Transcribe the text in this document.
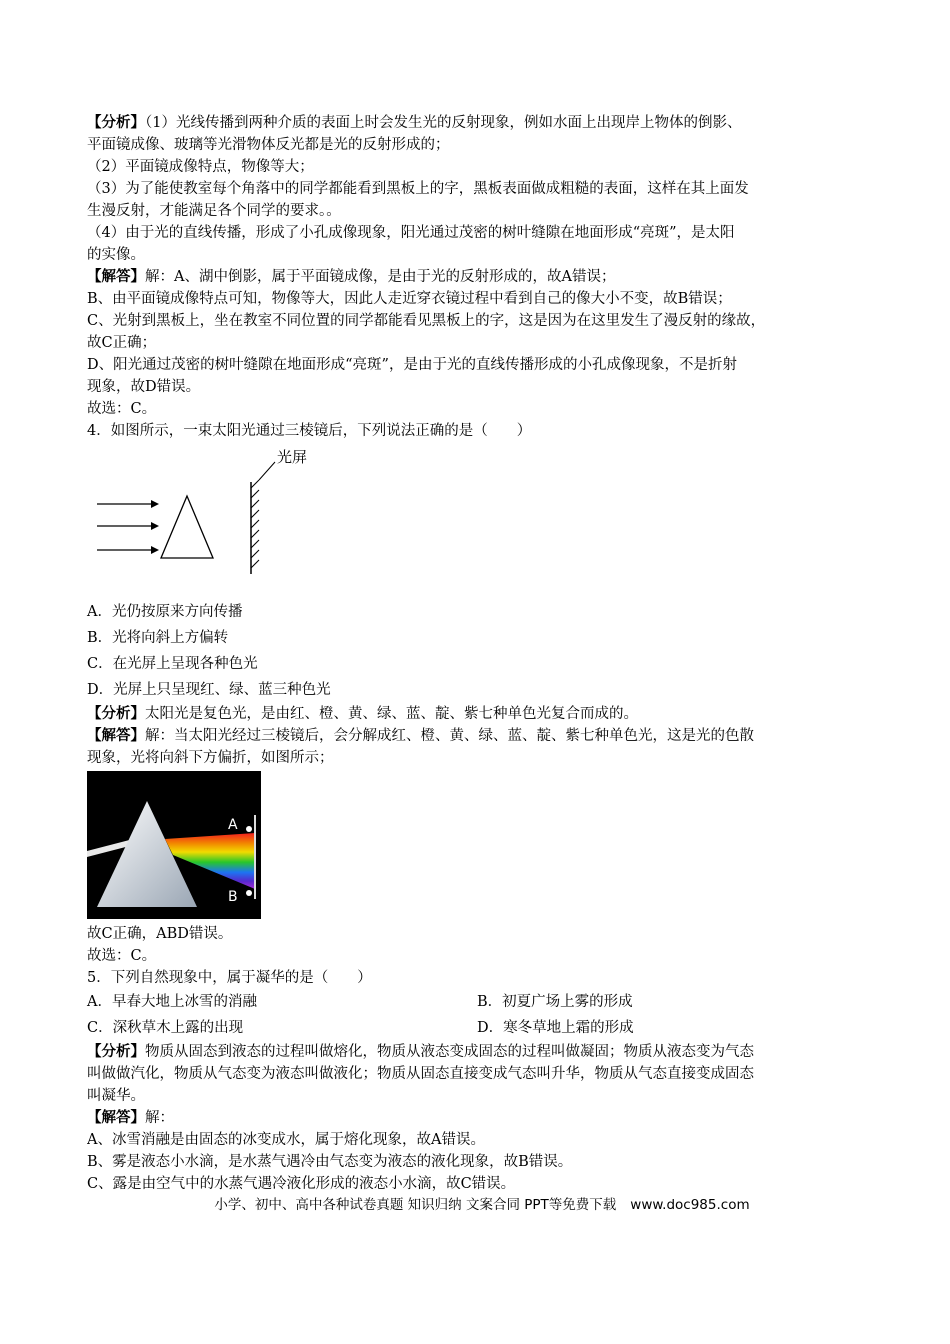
【分析】（1）光线传播到两种介质的表面上时会发生光的反射现象，例如水面上出现岸上物体的倒影、
平面镜成像、玻璃等光滑物体反光都是光的反射形成的；
（2）平面镜成像特点，物像等大；
（3）为了能使教室每个角落中的同学都能看到黑板上的字，黑板表面做成粗糙的表面，这样在其上面发
生漫反射，才能满足各个同学的要求。。
（4）由于光的直线传播，形成了小孔成像现象，阳光通过茂密的树叶缝隙在地面形成“亮斑”，是太阳
的实像。
【解答】解：A、湖中倒影，属于平面镜成像，是由于光的反射形成的，故A错误；
B、由平面镜成像特点可知，物像等大，因此人走近穿衣镜过程中看到自己的像大小不变，故B错误；
C、光射到黑板上，坐在教室不同位置的同学都能看见黑板上的字，这是因为在这里发生了漫反射的缘故，
故C正确；
D、阳光通过茂密的树叶缝隙在地面形成“亮斑”，是由于光的直线传播形成的小孔成像现象，不是折射
现象，故D错误。
故选：C。
4．如图所示，一束太阳光通过三棱镜后，下列说法正确的是（　　）
光屏
A．光仍按原来方向传播
B．光将向斜上方偏转
C．在光屏上呈现各种色光
D．光屏上只呈现红、绿、蓝三种色光
【分析】太阳光是复色光，是由红、橙、黄、绿、蓝、靛、紫七种单色光复合而成的。
【解答】解：当太阳光经过三棱镜后，会分解成红、橙、黄、绿、蓝、靛、紫七种单色光，这是光的色散
现象，光将向斜下方偏折，如图所示；
A
B
故C正确，ABD错误。
故选：C。
5．下列自然现象中，属于凝华的是（　　）
A．早春大地上冰雪的消融	B．初夏广场上雾的形成
C．深秋草木上露的出现	D．寒冬草地上霜的形成
【分析】物质从固态到液态的过程叫做熔化，物质从液态变成固态的过程叫做凝固；物质从液态变为气态
叫做做汽化，物质从气态变为液态叫做液化；物质从固态直接变成气态叫升华，物质从气态直接变成固态
叫凝华。
【解答】解：
A、冰雪消融是由固态的冰变成水，属于熔化现象，故A错误。
B、雾是液态小水滴，是水蒸气遇冷由气态变为液态的液化现象，故B错误。
C、露是由空气中的水蒸气遇冷液化形成的液态小水滴，故C错误。
小学、初中、高中各种试卷真题 知识归纳 文案合同 PPT等免费下载 www.doc985.com
